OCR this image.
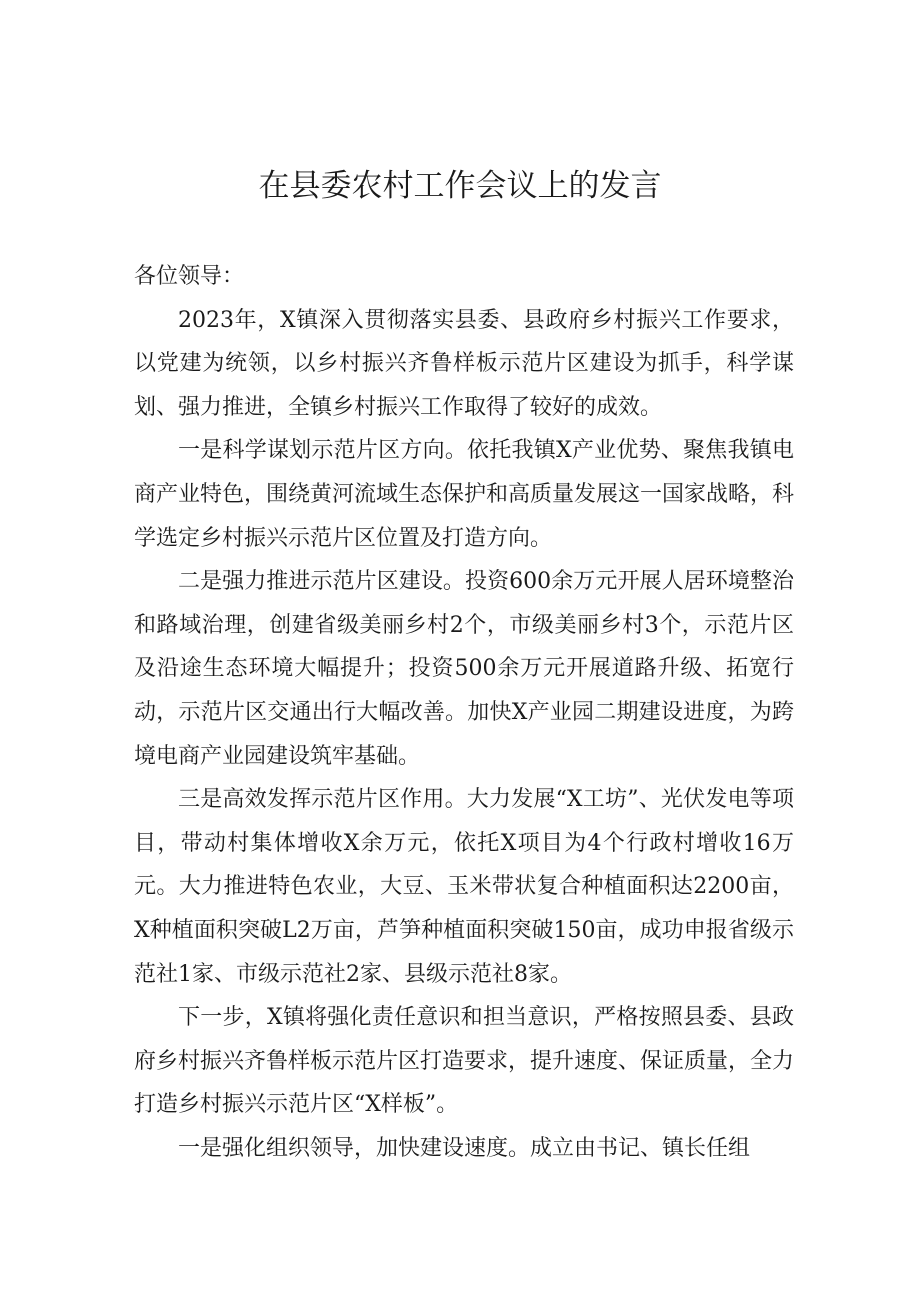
在县委农村工作会议上的发言

各位领导：

2023年，X镇深入贯彻落实县委、县政府乡村振兴工作要求，以党建为统领，以乡村振兴齐鲁样板示范片区建设为抓手，科学谋划、强力推进，全镇乡村振兴工作取得了较好的成效。

一是科学谋划示范片区方向。依托我镇X产业优势、聚焦我镇电商产业特色，围绕黄河流域生态保护和高质量发展这一国家战略，科学选定乡村振兴示范片区位置及打造方向。

二是强力推进示范片区建设。投资600余万元开展人居环境整治和路域治理，创建省级美丽乡村2个，市级美丽乡村3个，示范片区及沿途生态环境大幅提升；投资500余万元开展道路升级、拓宽行动，示范片区交通出行大幅改善。加快X产业园二期建设进度，为跨境电商产业园建设筑牢基础。

三是高效发挥示范片区作用。大力发展“X工坊”、光伏发电等项目，带动村集体增收X余万元，依托X项目为4个行政村增收16万元。大力推进特色农业，大豆、玉米带状复合种植面积达2200亩，X种植面积突破L2万亩，芦笋种植面积突破150亩，成功申报省级示范社1家、市级示范社2家、县级示范社8家。

下一步，X镇将强化责任意识和担当意识，严格按照县委、县政府乡村振兴齐鲁样板示范片区打造要求，提升速度、保证质量，全力打造乡村振兴示范片区“X样板”。

一是强化组织领导，加快建设速度。成立由书记、镇长任组
